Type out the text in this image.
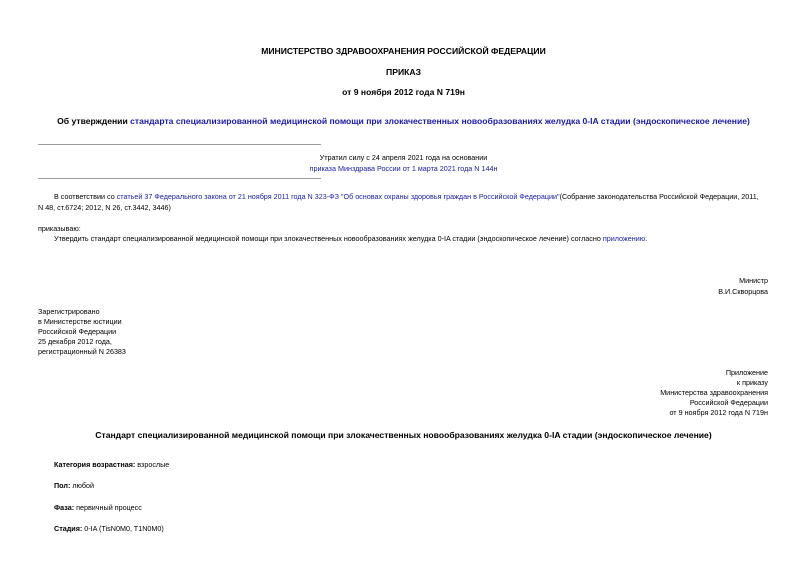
МИНИСТЕРСТВО ЗДРАВООХРАНЕНИЯ РОССИЙСКОЙ ФЕДЕРАЦИИ
ПРИКАЗ
от 9 ноября 2012 года N 719н
Об утверждении стандарта специализированной медицинской помощи при злокачественных новообразованиях желудка 0-IA стадии (эндоскопическое лечение)
Утратил силу с 24 апреля 2021 года на основании
приказа Минздрава России от 1 марта 2021 года N 144н
В соответствии со статьей 37 Федерального закона от 21 ноября 2011 года N 323-ФЗ "Об основах охраны здоровья граждан в Российской Федерации"(Собрание законодательства Российской Федерации, 2011,
N 48, ст.6724; 2012, N 26, ст.3442, 3446)
приказываю:
Утвердить стандарт специализированной медицинской помощи при злокачественных новообразованиях желудка 0-IA стадии (эндоскопическое лечение) согласно приложению.
Министр
В.И.Скворцова
Зарегистрировано
в Министерстве юстиции
Российской Федерации
25 декабря 2012 года,
регистрационный N 26383
Приложение
к приказу
Министерства здравоохранения
Российской Федерации
от 9 ноября 2012 года N 719н
Стандарт специализированной медицинской помощи при злокачественных новообразованиях желудка 0-IA стадии (эндоскопическое лечение)
Категория возрастная: взрослые
Пол: любой
Фаза: первичный процесс
Стадия: 0-IA (TisN0M0, T1N0M0)
